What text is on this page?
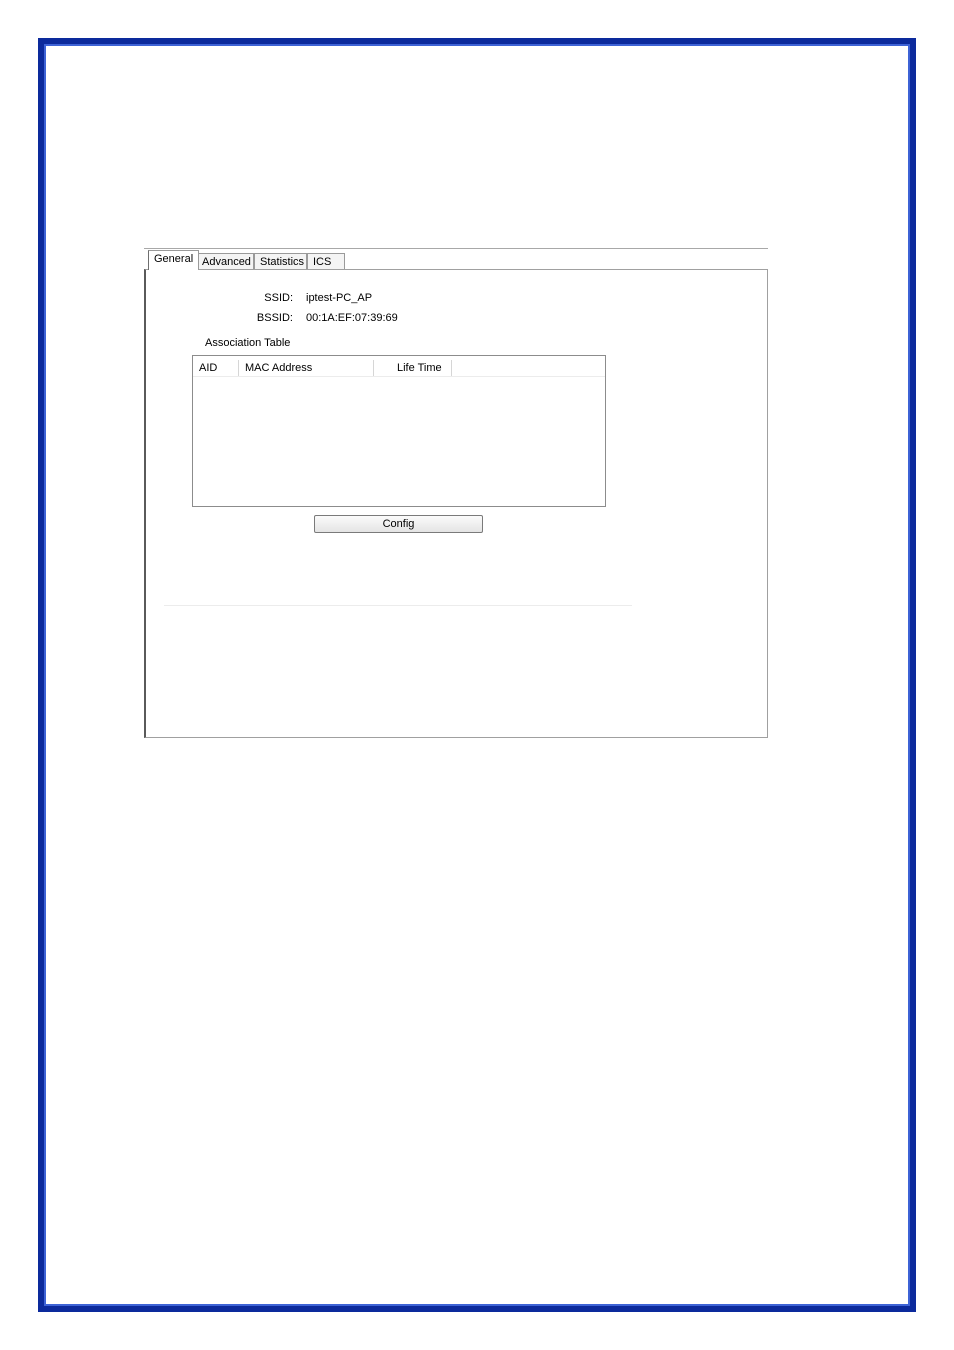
General Advanced Statistics ICS
SSID: iptest-PC_AP
BSSID: 00:1A:EF:07:39:69
Association Table
AID	MAC Address	Life Time
Config
